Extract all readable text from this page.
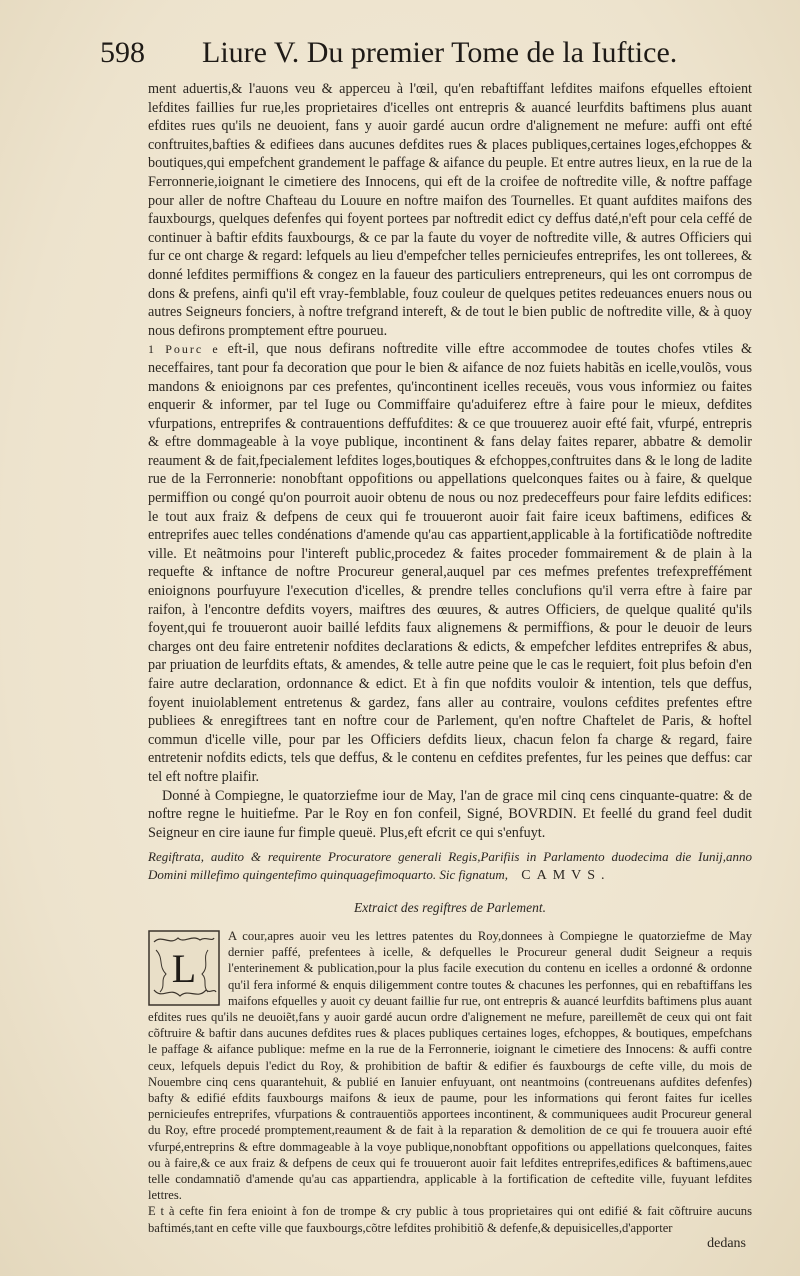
598 Liure V. Du premier Tome de la Iuftice.

ment aduertis,& l'auons veu & apperceu à l'œil, qu'en rebaftiffant lefdites maifons efquelles eftoient lefdites faillies fur rue,les proprietaires d'icelles ont entrepris & auancé leurfdits baftimens plus auant efdites rues qu'ils ne deuoient, fans y auoir gardé aucun ordre d'alignement ne mefure: auffi ont efté conftruites,bafties & edifiees dans aucunes defdites rues & places publiques,certaines loges,efchoppes & boutiques,qui empefchent grandement le paffage & aifance du peuple. Et entre autres lieux, en la rue de la Ferronnerie,ioignant le cimetiere des Innocens, qui eft de la croifee de noftredite ville, & noftre paffage pour aller de noftre Chafteau du Louure en noftre maifon des Tournelles. Et quant aufdites maifons des fauxbourgs, quelques defenfes qui foyent portees par noftredit edict cy deffus daté,n'eft pour cela ceffé de continuer à baftir efdits fauxbourgs, & ce par la faute du voyer de noftredite ville, & autres Officiers qui fur ce ont charge & regard: lefquels au lieu d'empefcher telles pernicieufes entreprifes, les ont tollerees, & donné lefdites permiffions & congez en la faueur des particuliers entrepreneurs, qui les ont corrompus de dons & prefens, ainfi qu'il eft vray-femblable, fouz couleur de quelques petites redeuances enuers nous ou autres Seigneurs fonciers, à noftre trefgrand intereft, & de tout le bien public de noftredite ville, & à quoy nous defirons promptement eftre pourueu.

1 Pourc e eft-il, que nous defirans noftredite ville eftre accommodee de toutes chofes vtiles & neceffaires, tant pour fa decoration que pour le bien & aifance de noz fuiets habitãs en icelle,voulõs, vous mandons & enioignons par ces prefentes, qu'incontinent icelles receuës, vous vous informiez ou faites enquerir & informer, par tel Iuge ou Commiffaire qu'aduiferez eftre à faire pour le mieux, defdites vfurpations, entreprifes & contrauentions deffufdites: & ce que trouuerez auoir efté fait, vfurpé, entrepris & eftre dommageable à la voye publique, incontinent & fans delay faites reparer, abbatre & demolir reaument & de fait,fpecialement lefdites loges,boutiques & efchoppes,conftruites dans & le long de ladite rue de la Ferronnerie: nonobftant oppofitions ou appellations quelconques faites ou à faire, & quelque permiffion ou congé qu'on pourroit auoir obtenu de nous ou noz predeceffeurs pour faire lefdits edifices: le tout aux fraiz & defpens de ceux qui fe trouueront auoir fait faire iceux baftimens, edifices & entreprifes auec telles condénations d'amende qu'au cas appartient,applicable à la fortificatiõde noftredite ville. Et neãtmoins pour l'intereft public,procedez & faites proceder fommairement & de plain à la requefte & inftance de noftre Procureur general,auquel par ces mefmes prefentes trefexpreffément enioignons pourfuyure l'execution d'icelles, & prendre telles conclufions qu'il verra eftre à faire par raifon, à l'encontre defdits voyers, maiftres des œuures, & autres Officiers, de quelque qualité qu'ils foyent,qui fe trouueront auoir baillé lefdits faux alignemens & permiffions, & pour le deuoir de leurs charges ont deu faire entretenir nofdites declarations & edicts, & empefcher lefdites entreprifes & abus, par priuation de leurfdits eftats, & amendes, & telle autre peine que le cas le requiert, foit plus befoin d'en faire autre declaration, ordonnance & edict. Et à fin que nofdits vouloir & intention, tels que deffus, foyent inuiolablement entretenus & gardez, fans aller au contraire, voulons cefdites prefentes eftre publiees & enregiftrees tant en noftre cour de Parlement, qu'en noftre Chaftelet de Paris, & hoftel commun d'icelle ville, pour par les Officiers defdits lieux, chacun felon fa charge & regard, faire entretenir nofdits edicts, tels que deffus, & le contenu en cefdites prefentes, fur les peines que deffus: car tel eft noftre plaifir.

Donné à Compiegne, le quatorziefme iour de May, l'an de grace mil cinq cens cinquante-quatre: & de noftre regne le huitiefme. Par le Roy en fon confeil, Signé, BOVRDIN. Et feellé du grand feel dudit Seigneur en cire iaune fur fimple queuë. Plus,eft efcrit ce qui s'enfuyt.

Regiftrata, audito & requirente Procuratore generali Regis,Parifiis in Parlamento duodecima die Iunij,anno Domini millefimo quingentefimo quinquagefimoquarto. Sic fignatum, CAMVS.
Extraict des regiftres de Parlement.
L

A cour,apres auoir veu les lettres patentes du Roy,donnees à Compiegne le quatorziefme de May dernier paffé, prefentees à icelle, & defquelles le Procureur general dudit Seigneur a requis l'enterinement & publication,pour la plus facile execution du contenu en icelles a ordonné & ordonne qu'il fera informé & enquis diligemment contre toutes & chacunes les perfonnes, qui en rebaftiffans les maifons efquelles y auoit cy deuant faillie fur rue, ont entrepris & auancé leurfdits baftimens plus auant efdites rues qu'ils ne deuoiẽt,fans y auoir gardé aucun ordre d'alignement ne mefure, pareillemẽt de ceux qui ont fait cõftruire & baftir dans aucunes defdites rues & places publiques certaines loges, efchoppes, & boutiques, empefchans le paffage & aifance publique: mefme en la rue de la Ferronnerie, ioignant le cimetiere des Innocens: & auffi contre ceux, lefquels depuis l'edict du Roy, & prohibition de baftir & edifier és fauxbourgs de cefte ville, du mois de Nouembre cinq cens quarantehuit, & publié en Ianuier enfuyuant, ont neantmoins (contreuenans aufdites defenfes) bafty & edifié efdits fauxbourgs maifons & ieux de paume, pour les informations qui feront faites fur icelles pernicieufes entreprifes, vfurpations & contrauentiõs apportees incontinent, & communiquees audit Procureur general du Roy, eftre procedé promptement,reaument & de fait à la reparation & demolition de ce qui fe trouuera auoir efté vfurpé,entreprins & eftre dommageable à la voye publique,nonobftant oppofitions ou appellations quelconques, faites ou à faire,& ce aux fraiz & defpens de ceux qui fe trouueront auoir fait lefdites entreprifes,edifices & baftimens,auec telle condamnatiõ d'amende qu'au cas appartiendra, applicable à la fortification de ceftedite ville, fuyuant lefdites lettres.

E t à cefte fin fera enioint à fon de trompe & cry public à tous proprietaires qui ont edifié & fait cõftruire aucuns baftimés,tant en cefte ville que fauxbourgs,cõtre lefdites prohibitiõ & defenfe,& depuisicelles,d'apporter

dedans
